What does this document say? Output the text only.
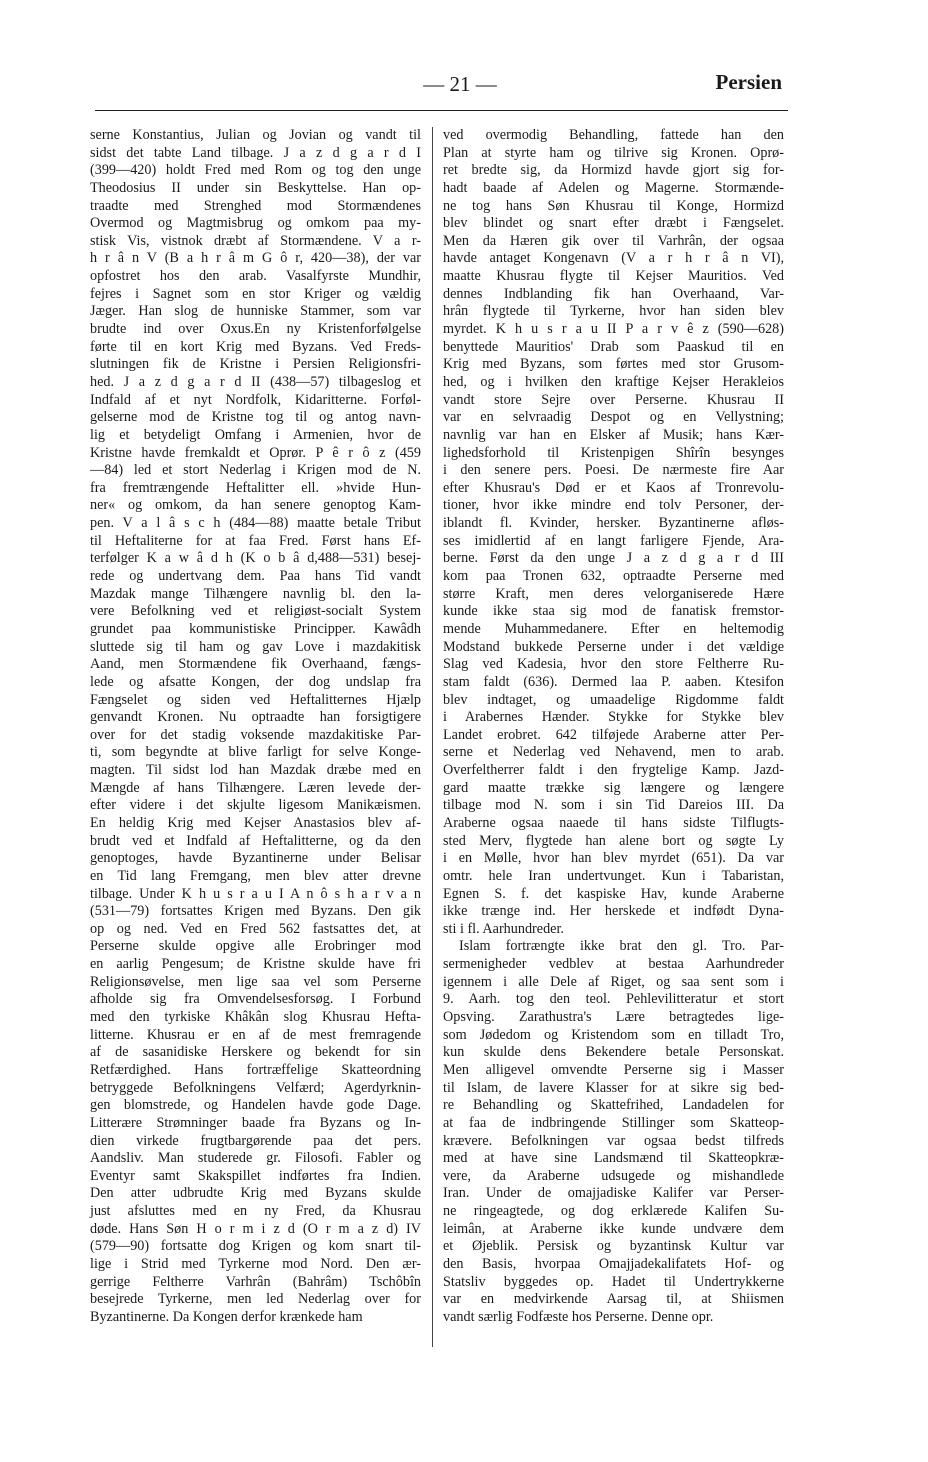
— 21 —	Persien
serne Konstantius, Julian og Jovian og vandt til
sidst det tabte Land tilbage. J a z d g a r d I
(399—420) holdt Fred med Rom og tog den unge
Theodosius II under sin Beskyttelse. Han op-
traadte med Strenghed mod Stormændenes
Overmod og Magtmisbrug og omkom paa my-
stisk Vis, vistnok dræbt af Stormændene. V a r-
h r â n V (B a h r â m G ô r, 420—38), der var
opfostret hos den arab. Vasalfyrste Mundhir,
fejres i Sagnet som en stor Kriger og vældig
Jæger. Han slog de hunniske Stammer, som var
brudte ind over Oxus.En ny Kristenforfølgelse
førte til en kort Krig med Byzans. Ved Freds-
slutningen fik de Kristne i Persien Religionsfri-
hed. J a z d g a r d II (438—57) tilbageslog et
Indfald af et nyt Nordfolk, Kidaritterne. Forføl-
gelserne mod de Kristne tog til og antog navn-
lig et betydeligt Omfang i Armenien, hvor de
Kristne havde fremkaldt et Oprør. P ê r ô z (459
—84) led et stort Nederlag i Krigen mod de N.
fra fremtrængende Heftalitter ell. »hvide Hun-
ner« og omkom, da han senere genoptog Kam-
pen. V a l â s c h (484—88) maatte betale Tribut
til Heftaliterne for at faa Fred. Først hans Ef-
terfølger K a w â d h (K o b â d,488—531) besej-
rede og undertvang dem. Paa hans Tid vandt
Mazdak mange Tilhængere navnlig bl. den la-
vere Befolkning ved et religiøst-socialt System
grundet paa kommunistiske Principper. Kawâdh
sluttede sig til ham og gav Love i mazdakitisk
Aand, men Stormændene fik Overhaand, fængs-
lede og afsatte Kongen, der dog undslap fra
Fængselet og siden ved Heftalitternes Hjælp
genvandt Kronen. Nu optraadte han forsigtigere
over for det stadig voksende mazdakitiske Par-
ti, som begyndte at blive farligt for selve Konge-
magten. Til sidst lod han Mazdak dræbe med en
Mængde af hans Tilhængere. Læren levede der-
efter videre i det skjulte ligesom Manikæismen.
En heldig Krig med Kejser Anastasios blev af-
brudt ved et Indfald af Heftalitterne, og da den
genoptoges, havde Byzantinerne under Belisar
en Tid lang Fremgang, men blev atter drevne
tilbage. Under K h u s r a u I A n ô s h a r v a n
(531—79) fortsattes Krigen med Byzans. Den gik
op og ned. Ved en Fred 562 fastsattes det, at
Perserne skulde opgive alle Erobringer mod
en aarlig Pengesum; de Kristne skulde have fri
Religionsøvelse, men lige saa vel som Perserne
afholde sig fra Omvendelsesforsøg. I Forbund
med den tyrkiske Khâkân slog Khusrau Hefta-
litterne. Khusrau er en af de mest fremragende
af de sasanidiske Herskere og bekendt for sin
Retfærdighed. Hans fortræffelige Skatteordning
betryggede Befolkningens Velfærd; Agerdyrknin-
gen blomstrede, og Handelen havde gode Dage.
Litterære Strømninger baade fra Byzans og In-
dien virkede frugtbargørende paa det pers.
Aandsliv. Man studerede gr. Filosofi. Fabler og
Eventyr samt Skakspillet indførtes fra Indien.
Den atter udbrudte Krig med Byzans skulde
just afsluttes med en ny Fred, da Khusrau
døde. Hans Søn H o r m i z d (O r m a z d) IV
(579—90) fortsatte dog Krigen og kom snart til-
lige i Strid med Tyrkerne mod Nord. Den ær-
gerrige Feltherre Varhrân (Bahrâm) Tschôbîn
besejrede Tyrkerne, men led Nederlag over for
Byzantinerne. Da Kongen derfor krænkede ham
ved overmodig Behandling, fattede han den
Plan at styrte ham og tilrive sig Kronen. Oprø-
ret bredte sig, da Hormizd havde gjort sig for-
hadt baade af Adelen og Magerne. Stormænde-
ne tog hans Søn Khusrau til Konge, Hormizd
blev blindet og snart efter dræbt i Fængselet.
Men da Hæren gik over til Varhrân, der ogsaa
havde antaget Kongenavn (V a r h r â n VI),
maatte Khusrau flygte til Kejser Mauritios. Ved
dennes Indblanding fik han Overhaand, Var-
hrân flygtede til Tyrkerne, hvor han siden blev
myrdet. K h u s r a u II P a r v ê z (590—628)
benyttede Mauritios' Drab som Paaskud til en
Krig med Byzans, som førtes med stor Grusom-
hed, og i hvilken den kraftige Kejser Herakleios
vandt store Sejre over Perserne. Khusrau II
var en selvraadig Despot og en Vellystning;
navnlig var han en Elsker af Musik; hans Kær-
lighedsforhold til Kristenpigen Shîrîn besynges
i den senere pers. Poesi. De nærmeste fire Aar
efter Khusrau's Død er et Kaos af Tronrevolu-
tioner, hvor ikke mindre end tolv Personer, der-
iblandt fl. Kvinder, hersker. Byzantinerne afløs-
ses imidlertid af en langt farligere Fjende, Ara-
berne. Først da den unge J a z d g a r d III
kom paa Tronen 632, optraadte Perserne med
større Kraft, men deres velorganiserede Hære
kunde ikke staa sig mod de fanatisk fremstor-
mende Muhammedanere. Efter en heltemodig
Modstand bukkede Perserne under i det vældige
Slag ved Kadesia, hvor den store Feltherre Ru-
stam faldt (636). Dermed laa P. aaben. Ktesifon
blev indtaget, og umaadelige Rigdomme faldt
i Arabernes Hænder. Stykke for Stykke blev
Landet erobret. 642 tilføjede Araberne atter Per-
serne et Nederlag ved Nehavend, men to arab.
Overfeltherrer faldt i den frygtelige Kamp. Jazd-
gard maatte trække sig længere og længere
tilbage mod N. som i sin Tid Dareios III. Da
Araberne ogsaa naaede til hans sidste Tilflugts-
sted Merv, flygtede han alene bort og søgte Ly
i en Mølle, hvor han blev myrdet (651). Da var
omtr. hele Iran undertvunget. Kun i Tabaristan,
Egnen S. f. det kaspiske Hav, kunde Araberne
ikke trænge ind. Her herskede et indfødt Dyna-
sti i fl. Aarhundreder.
Islam fortrængte ikke brat den gl. Tro. Par-
sermenigheder vedblev at bestaa Aarhundreder
igennem i alle Dele af Riget, og saa sent som i
9. Aarh. tog den teol. Pehlevilitteratur et stort
Opsving. Zarathustra's Lære betragtedes lige-
som Jødedom og Kristendom som en tilladt Tro,
kun skulde dens Bekendere betale Personskat.
Men alligevel omvendte Perserne sig i Masser
til Islam, de lavere Klasser for at sikre sig bed-
re Behandling og Skattefrihed, Landadelen for
at faa de indbringende Stillinger som Skatteop-
krævere. Befolkningen var ogsaa bedst tilfreds
med at have sine Landsmænd til Skatteopkræ-
vere, da Araberne udsugede og mishandlede
Iran. Under de omajjadiske Kalifer var Perser-
ne ringeagtede, og dog erklærede Kalifen Su-
leimân, at Araberne ikke kunde undvære dem
et Øjeblik. Persisk og byzantinsk Kultur var
den Basis, hvorpaa Omajjadekalifatets Hof- og
Statsliv byggedes op. Hadet til Undertrykkerne
var en medvirkende Aarsag til, at Shiismen
vandt særlig Fodfæste hos Perserne. Denne opr.
